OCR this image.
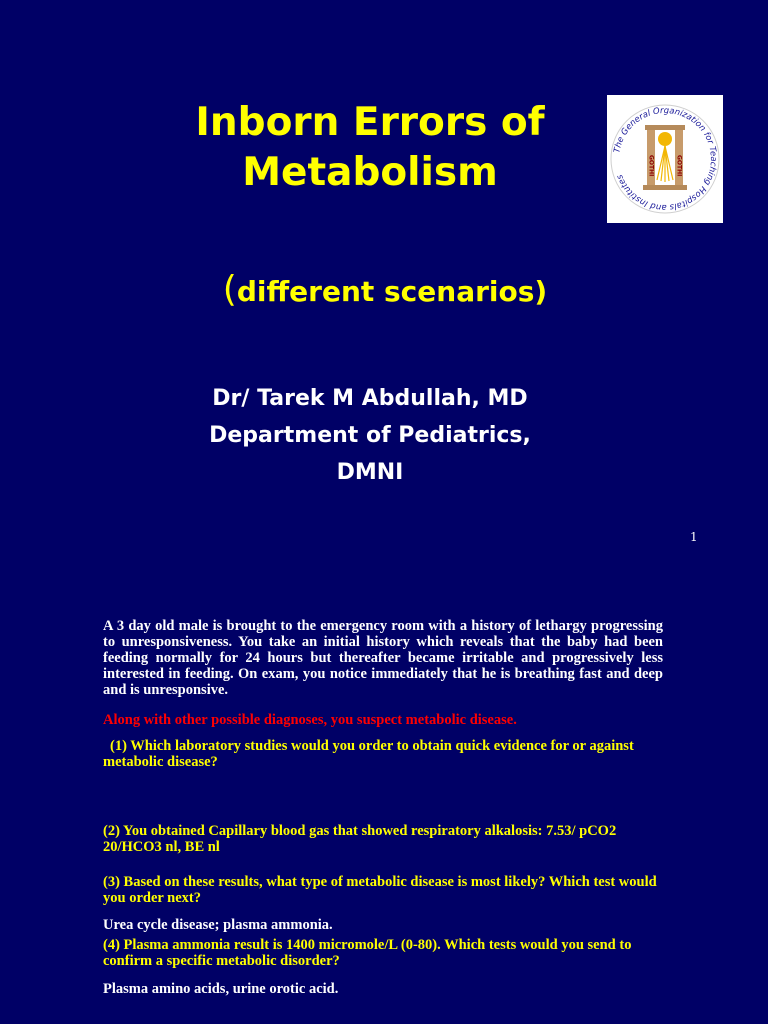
Inborn Errors of
Metabolism
(different scenarios)
Dr/ Tarek M Abdullah, MD
Department of Pediatrics,
DMNI
1
The General Organization for Teaching Hospitals and Institutes
GOTHI	GOTHI
A 3 day old male is brought to the emergency room with a history of lethargy progressing to unresponsiveness. You take an initial history which reveals that the baby had been feeding normally for 24 hours but thereafter became irritable and progressively less interested in feeding. On exam, you notice immediately that he is breathing fast and deep and is unresponsive.
Along with other possible diagnoses, you suspect metabolic disease.
(1) Which laboratory studies would you order to obtain quick evidence for or against metabolic disease?
(2) You obtained Capillary blood gas that showed respiratory alkalosis: 7.53/ pCO2 20/HCO3 nl, BE nl
(3) Based on these results, what type of metabolic disease is most likely? Which test would you order next?
Urea cycle disease; plasma ammonia.
(4) Plasma ammonia result is 1400 micromole/L (0-80). Which tests would you send to confirm a specific metabolic disorder?
Plasma amino acids, urine orotic acid.
